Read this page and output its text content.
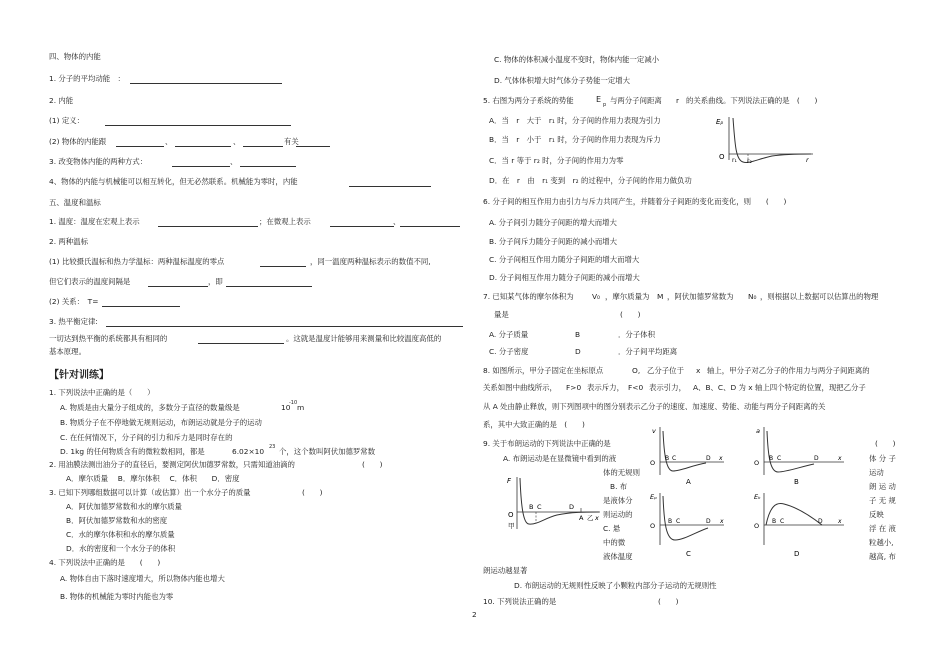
四、物体的内能
1. 分子的平均动能　：
2. 内能
(1) 定义：
(2) 物体的内能跟	、	、	有关
3. 改变物体内能的两种方式：	、
4、物体的内能与机械能可以相互转化，但无必然联系。机械能为零时，内能
五、温度和温标
1. 温度：温度在宏观上表示	；在微观上表示	、
2. 两种温标
(1) 比较摄氏温标和热力学温标：两种温标温度的零点	，同一温度两种温标表示的数值不同,
但它们表示的温度间隔是	，即
(2) 关系：　T=
3. 热平衡定律:
一切达到热平衡的系统都具有相同的	。这就是温度计能够用来测量和比较温度高低的
基本原理。
【针对训练】
1. 下列说法中正确的是（　　）
A. 物质是由大量分子组成的，多数分子直径的数量级是	10
-10 m
B. 物质分子在不停地做无规则运动，布朗运动就是分子的运动
C. 在任何情况下，分子间的引力和斥力是同时存在的
D. 1kg 的任何物质含有的微粒数相同，都是	6.02×10 23 个，这个数叫阿伏加德罗常数
2. 用油膜法测出油分子的直径后，要测定阿伏加德罗常数，只需知道油滴的	(　　)
A．摩尔质量　 B．摩尔体积　 C．体积　　D．密度
3. 已知下列哪组数据可以计算（或估算）出一个水分子的质量	(　　)
A．阿伏加德罗常数和水的摩尔质量
B．阿伏加德罗常数和水的密度
C．水的摩尔体积和水的摩尔质量
D．水的密度和一个水分子的体积
4. 下列说法中正确的是　　(　　)
A. 物体自由下落时速度增大，所以物体内能也增大
B. 物体的机械能为零时内能也为零
C. 物体的体积减小温度不变时，物体内能一定减小
D. 气体体积增大时气体分子势能一定增大
5. 右图为两分子系统的势能	E
p 与两分子间距离 r 的关系曲线。下列说法正确的是　(　　)
A．当　r　大于　r₁ 时，分子间的作用力表现为引力
B．当　r　小于　r₁ 时，分子间的作用力表现为斥力
C．当 r 等于 r₂ 时，分子间的作用力为零
D．在　r　由　r₁ 变到　r₂ 的过程中，分子间的作用力做负功
Eₚ
O r₁ r₂	r
6. 分子间的相互作用力由引力与斥力共同产生，并随着分子间距的变化而变化，则　　(　　)
A. 分子间引力随分子间距的增大而增大
B. 分子间斥力随分子间距的减小而增大
C. 分子间相互作用力随分子间距的增大而增大
D. 分子间相互作用力随分子间距的减小而增大
7. 已知某气体的摩尔体积为 V₀ ，摩尔质量为 M ，阿伏加德罗常数为 N₀ ，则根据以上数据可以估算出的物理
量是	(　　)
A. 分子质量	B	．分子体积
C. 分子密度	D	．分子间平均距离
8. 如图所示，甲分子固定在坐标原点	O, 乙分子位于 x 轴上，甲分子对乙分子的作用力与两分子间距离的
关系如图中曲线所示， F>0 表示斥力， F<0 表示引力， A、B、C、D 为 x 轴上四个特定的位置，现把乙分子
从 A 处由静止释放，则下列图项中的图分别表示乙分子的速度、加速度、势能、动能与两分子间距离的关
系，其中大致正确的是　(　　)
9. 关于布朗运动的下列说法中正确的是	(　　)
A. 布朗运动是在显微镜中看到的液
体的无规则
B. 布
是液体分
则运动的
C. 悬
中的微
液体温度
体 分 子
运动
朗 运 动
子 无 规
反映
浮 在 液
粒越小,
越高, 布
朗运动越显著
D. 布朗运动的无规则性反映了小颗粒内部分子运动的无规则性
10. 下列说法正确的是	(　　)
2
F
O
甲
B C	D
A 乙 x
v
O
B C	D x
A
a
O
B C	D	x
B
Eₚ
O
B C	D x
C
Eₖ
O
B C	D	x
D
